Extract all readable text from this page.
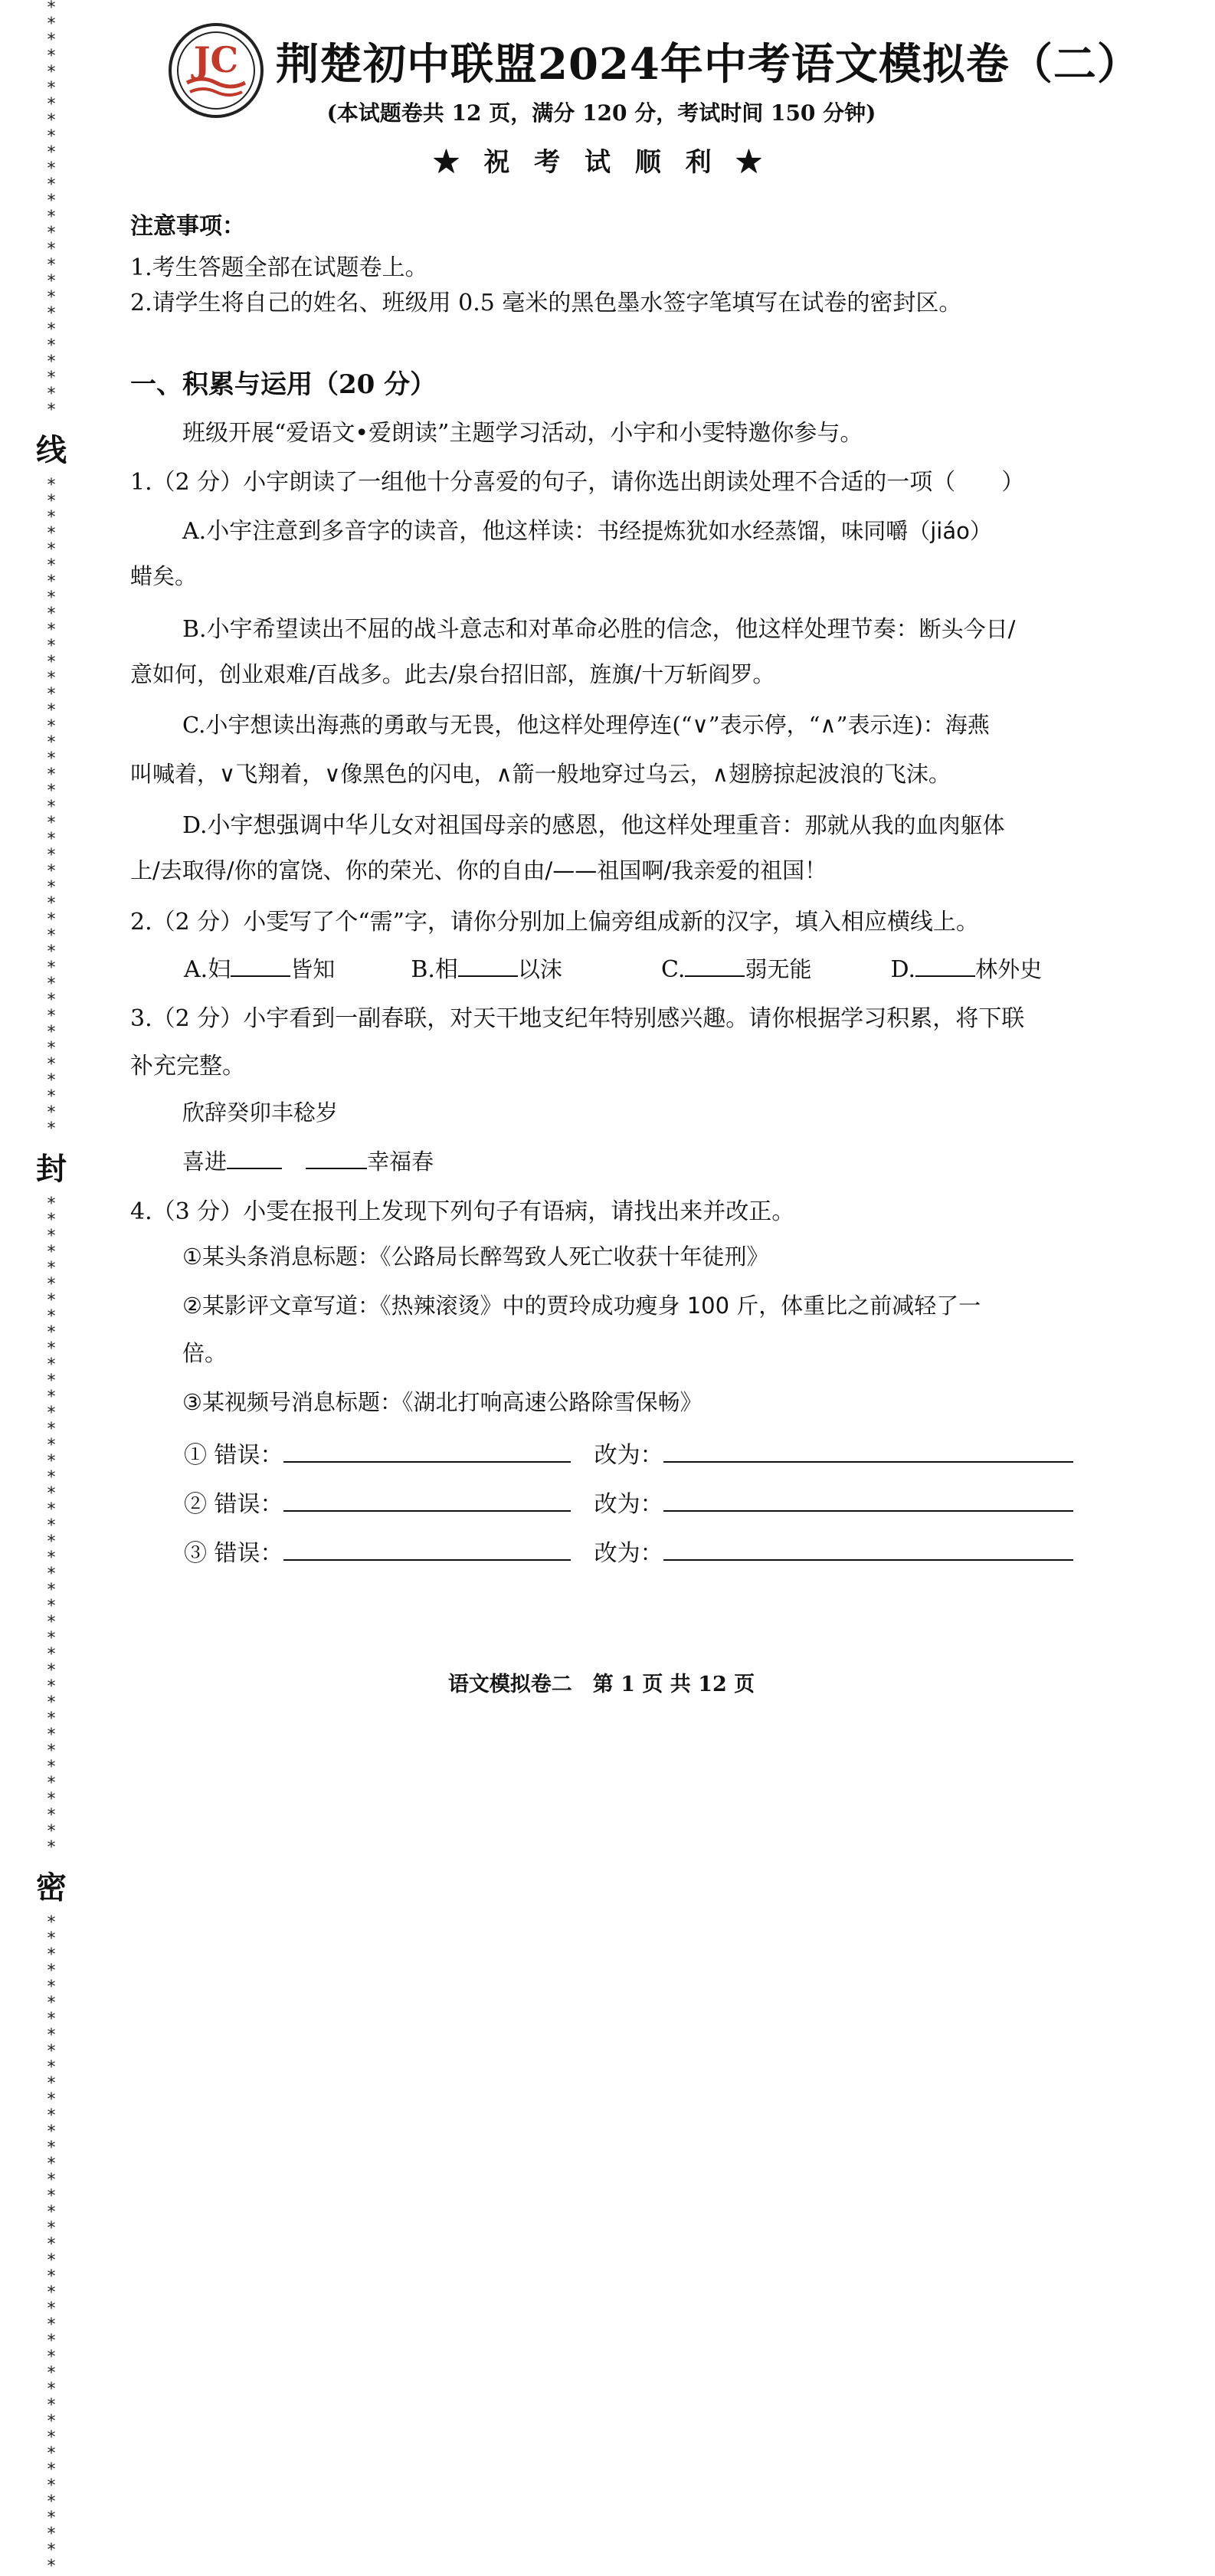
**************************
线
*****************************************
封
*****************************************
密
*****************************************
JC 荆楚初中联盟2024年中考语文模拟卷（二）
(本试题卷共 12 页，满分 120 分，考试时间 150 分钟)
★ 祝 考 试 顺 利 ★
注意事项：
1.考生答题全部在试题卷上。
2.请学生将自己的姓名、班级用 0.5 毫米的黑色墨水签字笔填写在试卷的密封区。
一、积累与运用（20 分）
班级开展“爱语文•爱朗读”主题学习活动，小宇和小雯特邀你参与。
1.（2 分）小宇朗读了一组他十分喜爱的句子，请你选出朗读处理不合适的一项（　　）
A.小宇注意到多音字的读音，他这样读：书经提炼犹如水经蒸馏，味同嚼（jiáo）
蜡矣。
B.小宇希望读出不屈的战斗意志和对革命必胜的信念，他这样处理节奏：断头今日/
意如何，创业艰难/百战多。此去/泉台招旧部，旌旗/十万斩阎罗。
C.小宇想读出海燕的勇敢与无畏，他这样处理停连(“∨”表示停，“∧”表示连)：海燕
叫喊着，∨飞翔着，∨像黑色的闪电，∧箭一般地穿过乌云，∧翅膀掠起波浪的飞沫。
D.小宇想强调中华儿女对祖国母亲的感恩，他这样处理重音：那就从我的血肉躯体
上/去取得/你的富饶、你的荣光、你的自由/——祖国啊/我亲爱的祖国！
2.（2 分）小雯写了个“需”字，请你分别加上偏旁组成新的汉字，填入相应横线上。
A.妇	皆知	B.相	以沫	C.	弱无能	D.	林外史
3.（2 分）小宇看到一副春联，对天干地支纪年特别感兴趣。请你根据学习积累，将下联
补充完整。
欣辞癸卯丰稔岁
喜进	幸福春
4.（3 分）小雯在报刊上发现下列句子有语病，请找出来并改正。
①某头条消息标题：《公路局长醉驾致人死亡收获十年徒刑》
②某影评文章写道：《热辣滚烫》中的贾玲成功瘦身 100 斤，体重比之前减轻了一
倍。
③某视频号消息标题：《湖北打响高速公路除雪保畅》
① 错误：	改为：
② 错误：	改为：
③ 错误：	改为：
语文模拟卷二　第 1 页 共 12 页
